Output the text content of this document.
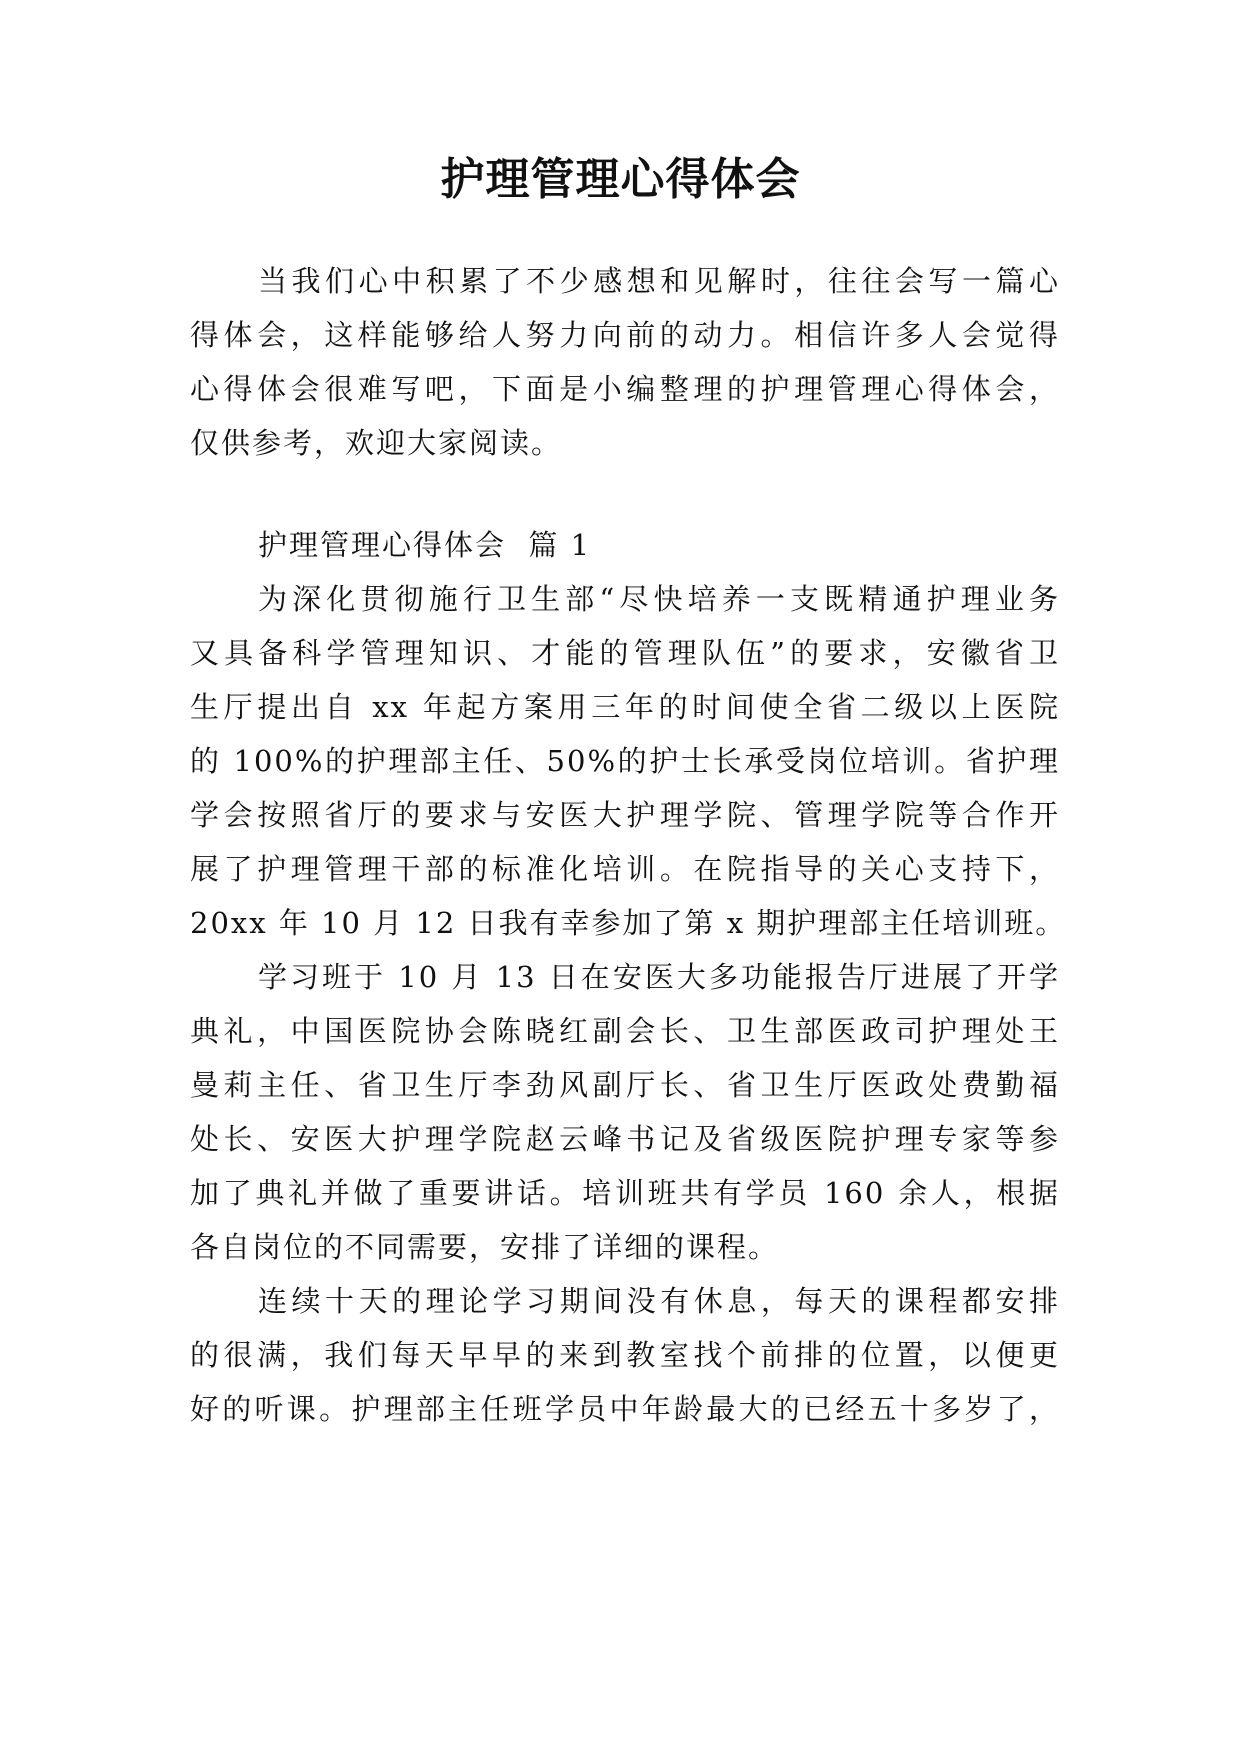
护理管理心得体会

当我们心中积累了不少感想和见解时，往往会写一篇心

得体会，这样能够给人努力向前的动力。相信许多人会觉得

心得体会很难写吧，下面是小编整理的护理管理心得体会，

仅供参考，欢迎大家阅读。

护理管理心得体会  篇 1

为深化贯彻施行卫生部“尽快培养一支既精通护理业务

又具备科学管理知识、才能的管理队伍”的要求，安徽省卫

生厅提出自 xx 年起方案用三年的时间使全省二级以上医院

的 100%的护理部主任、50%的护士长承受岗位培训。省护理

学会按照省厅的要求与安医大护理学院、管理学院等合作开

展了护理管理干部的标准化培训。在院指导的关心支持下，

20xx 年 10 月 12 日我有幸参加了第 x 期护理部主任培训班。

学习班于 10 月 13 日在安医大多功能报告厅进展了开学

典礼，中国医院协会陈晓红副会长、卫生部医政司护理处王

曼莉主任、省卫生厅李劲风副厅长、省卫生厅医政处费勤福

处长、安医大护理学院赵云峰书记及省级医院护理专家等参

加了典礼并做了重要讲话。培训班共有学员 160 余人，根据

各自岗位的不同需要，安排了详细的课程。

连续十天的理论学习期间没有休息，每天的课程都安排

的很满，我们每天早早的来到教室找个前排的位置，以便更

好的听课。护理部主任班学员中年龄最大的已经五十多岁了，
